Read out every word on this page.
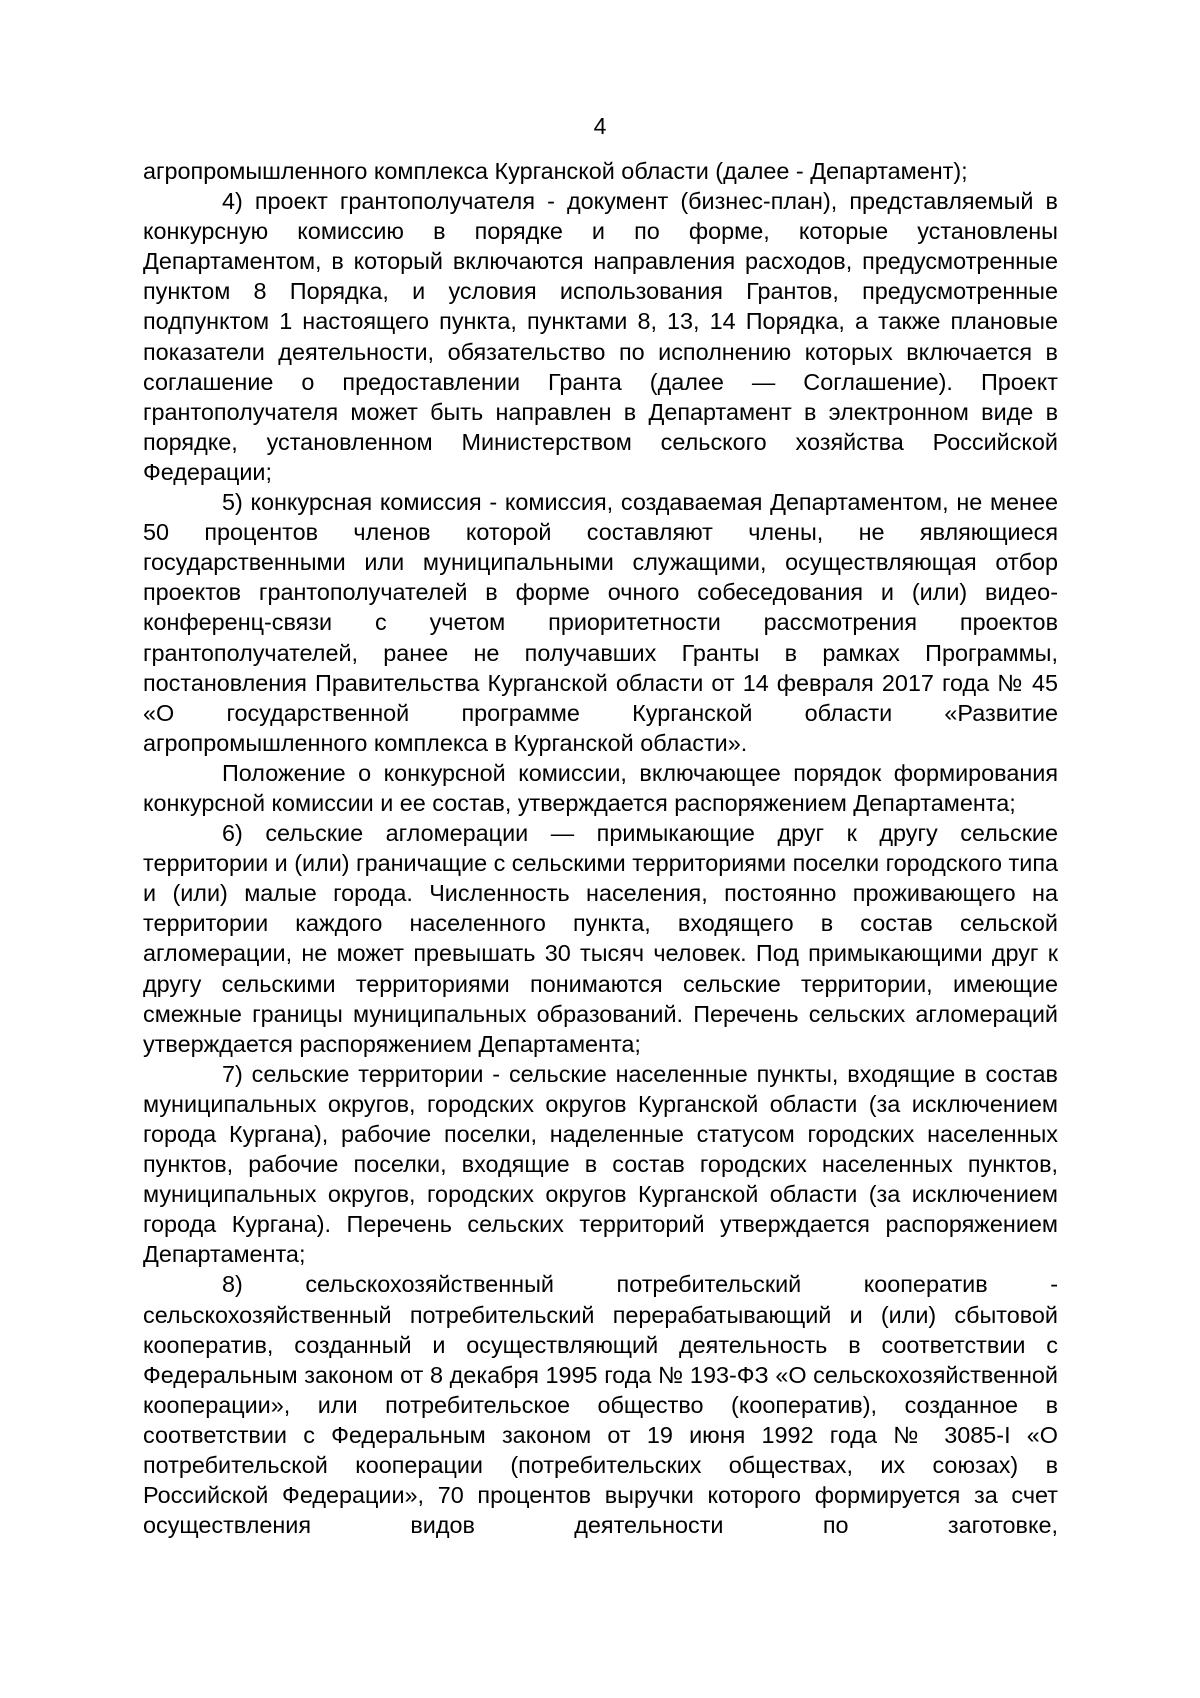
4

агропромышленного комплекса Курганской области (далее - Департамент);

4) проект грантополучателя - документ (бизнес-план), представляемый в конкурсную комиссию в порядке и по форме, которые установлены Департаментом, в который включаются направления расходов, предусмотренные пунктом 8 Порядка, и условия использования Грантов, предусмотренные подпунктом 1 настоящего пункта, пунктами 8, 13, 14 Порядка, а также плановые показатели деятельности, обязательство по исполнению которых включается в соглашение о предоставлении Гранта (далее — Соглашение). Проект грантополучателя может быть направлен в Департамент в электронном виде в порядке, установленном Министерством сельского хозяйства Российской Федерации;

5) конкурсная комиссия - комиссия, создаваемая Департаментом, не менее 50 процентов членов которой составляют члены, не являющиеся государственными или муниципальными служащими, осуществляющая отбор проектов грантополучателей в форме очного собеседования и (или) видео-конференц-связи с учетом приоритетности рассмотрения проектов грантополучателей, ранее не получавших Гранты в рамках Программы, постановления Правительства Курганской области от 14 февраля 2017 года № 45 «О государственной программе Курганской области «Развитие агропромышленного комплекса в Курганской области».

Положение о конкурсной комиссии, включающее порядок формирования конкурсной комиссии и ее состав, утверждается распоряжением Департамента;

6) сельские агломерации — примыкающие друг к другу сельские территории и (или) граничащие с сельскими территориями поселки городского типа и (или) малые города. Численность населения, постоянно проживающего на территории каждого населенного пункта, входящего в состав сельской агломерации, не может превышать 30 тысяч человек. Под примыкающими друг к другу сельскими территориями понимаются сельские территории, имеющие смежные границы муниципальных образований. Перечень сельских агломераций утверждается распоряжением Департамента;

7) сельские территории - сельские населенные пункты, входящие в состав муниципальных округов, городских округов Курганской области (за исключением города Кургана), рабочие поселки, наделенные статусом городских населенных пунктов, рабочие поселки, входящие в состав городских населенных пунктов, муниципальных округов, городских округов Курганской области (за исключением города Кургана). Перечень сельских территорий утверждается распоряжением Департамента;

8) сельскохозяйственный потребительский кооператив - сельскохозяйственный потребительский перерабатывающий и (или) сбытовой кооператив, созданный и осуществляющий деятельность в соответствии с Федеральным законом от 8 декабря 1995 года № 193-ФЗ «О сельскохозяйственной кооперации», или потребительское общество (кооператив), созданное в соответствии с Федеральным законом от 19 июня 1992 года № 3085-I «О потребительской кооперации (потребительских обществах, их союзах) в Российской Федерации», 70 процентов выручки которого формируется за счет осуществления видов деятельности по заготовке,
